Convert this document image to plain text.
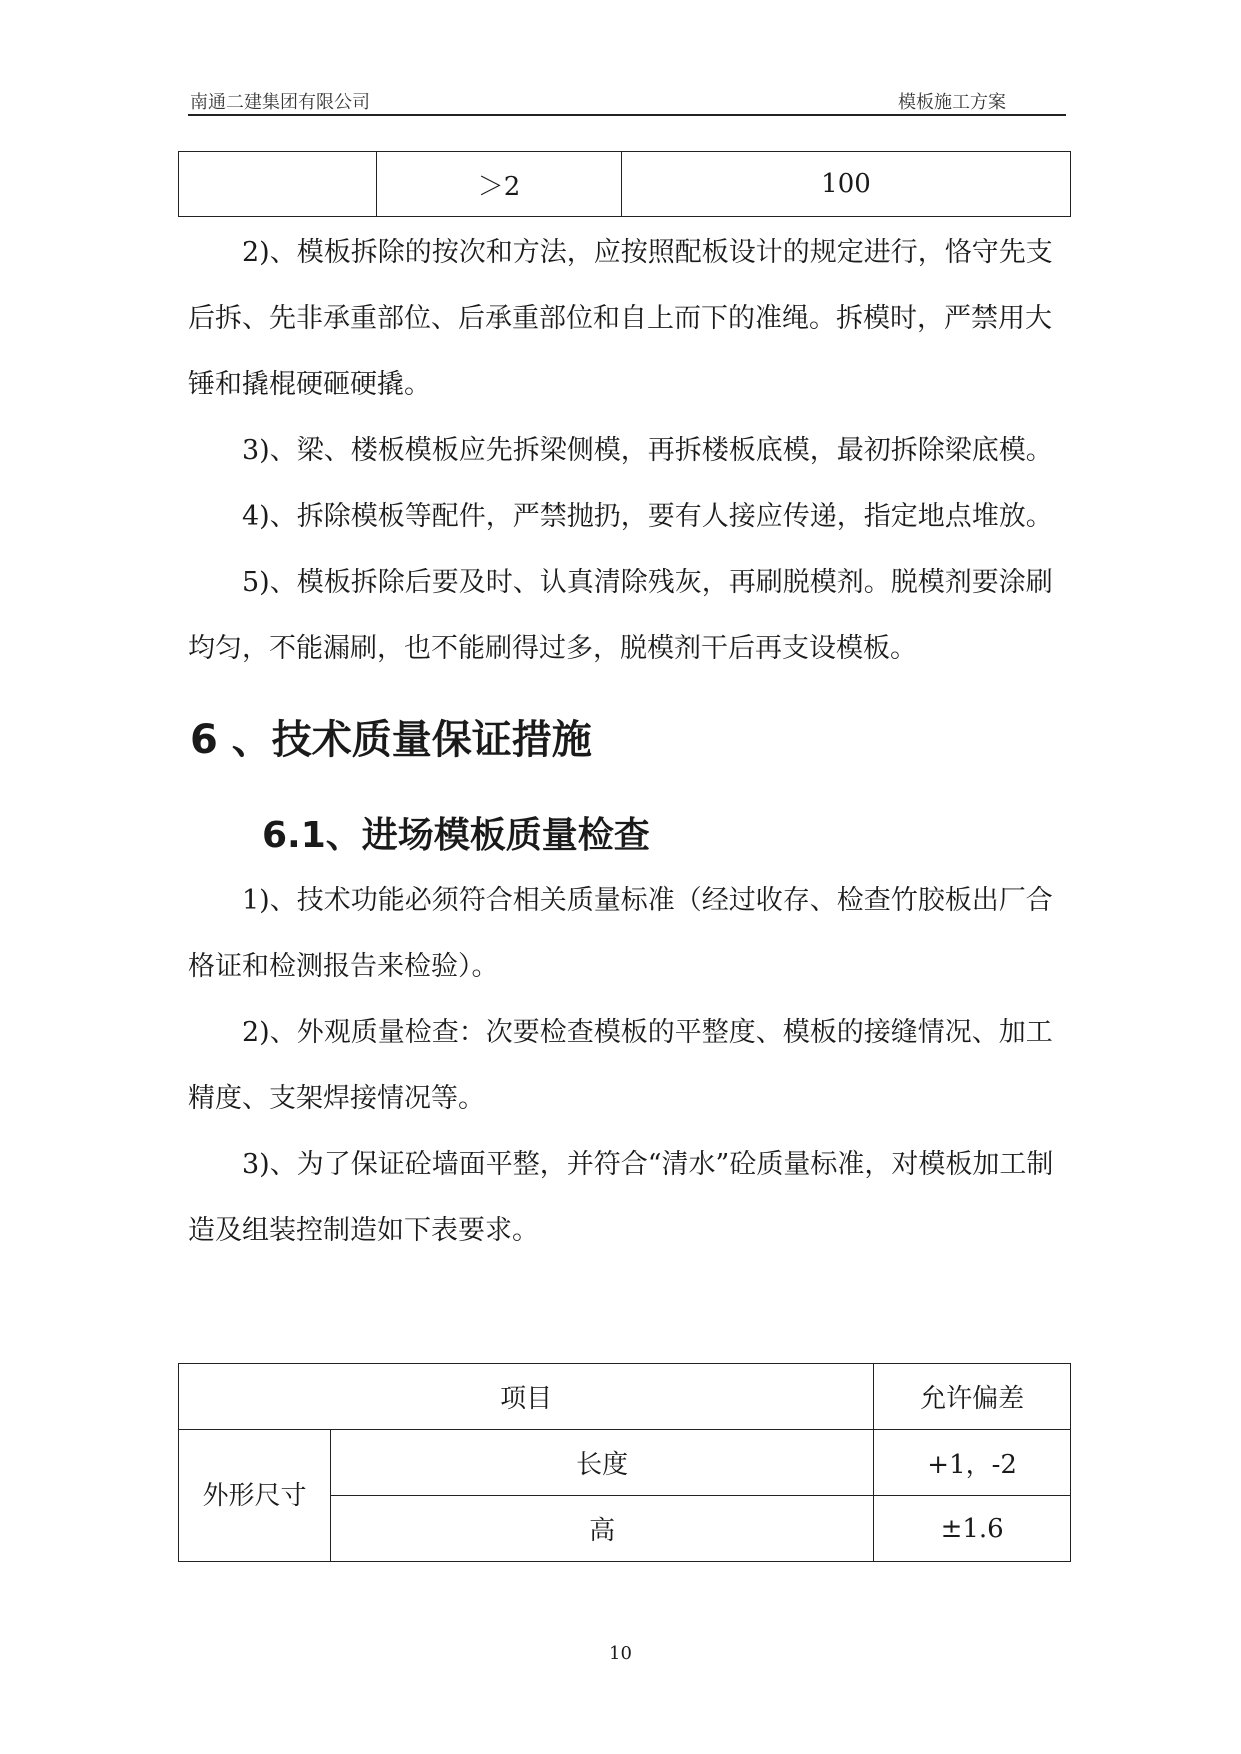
南通二建集团有限公司	模板施工方案
	＞2	100

2)、模板拆除的按次和方法，应按照配板设计的规定进行，恪守先支后拆、先非承重部位、后承重部位和自上而下的准绳。拆模时，严禁用大锤和撬棍硬砸硬撬。

3)、梁、楼板模板应先拆梁侧模，再拆楼板底模，最初拆除梁底模。

4)、拆除模板等配件，严禁抛扔，要有人接应传递，指定地点堆放。

5)、模板拆除后要及时、认真清除残灰，再刷脱模剂。脱模剂要涂刷均匀，不能漏刷，也不能刷得过多，脱模剂干后再支设模板。

6 、技术质量保证措施
6.1、进场模板质量检查

1)、技术功能必须符合相关质量标准（经过收存、检查竹胶板出厂合格证和检测报告来检验）。

2)、外观质量检查：次要检查模板的平整度、模板的接缝情况、加工精度、支架焊接情况等。

3)、为了保证砼墙面平整，并符合“清水”砼质量标准，对模板加工制造及组装控制造如下表要求。

项目		允许偏差
外形尺寸	长度	+1，-2
	高	±1.6
10
